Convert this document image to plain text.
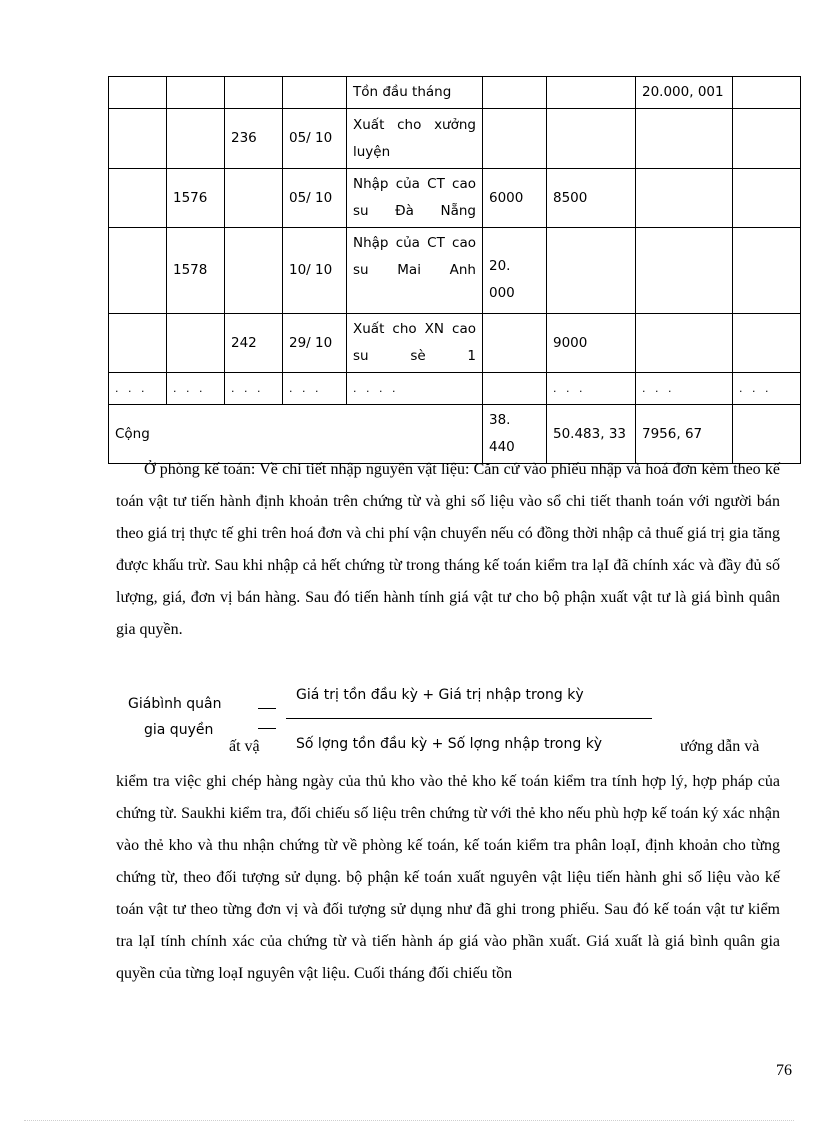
				Tồn đầu tháng			20.000, 001	
		236	05/ 10	Xuất cho xưởng luyện				
	1576		05/ 10	Nhập của CT cao su Đà Nẵng	6000	8500		
	1578		10/ 10	Nhập của CT cao su Mai Anh	20. 000			
		242	29/ 10	Xuất cho XN cao su sè 1		9000		
. . .	. . .	. . .	. . .	. . . .		. . .	. . .	. . .
Cộng					38. 440	50.483, 33	7956, 67	

Ở phòng kế toán: Về chi tiết nhập nguyên vật liệu: Căn cứ vào phiếu nhập và hoá đơn kèm theo kế toán vật tư tiến hành định khoản trên chứng từ và ghi số liệu vào sổ chi tiết thanh toán với người bán theo giá trị thực tế ghi trên hoá đơn và chi phí vận chuyển nếu có đồng thời nhập cả thuế giá trị gia tăng được khấu trừ. Sau khi nhập cả hết chứng từ trong tháng kế toán kiểm tra lạI đã chính xác và đầy đủ số lượng, giá, đơn vị bán hàng. Sau đó tiến hành tính giá vật tư cho bộ phận xuất vật tư là giá bình quân gia quyền.

Giábình quân
gia quyền
Giá trị tồn đầu kỳ + Giá trị nhập trong kỳ
ất vậ	Số lợng tồn đầu kỳ + Số lợng nhập trong kỳ	ướng dẫn và

kiểm tra việc ghi chép hàng ngày của thủ kho vào thẻ kho kế toán kiểm tra tính hợp lý, hợp pháp của chứng từ. Saukhi kiểm tra, đối chiếu số liệu trên chứng từ với thẻ kho nếu phù hợp kế toán ký xác nhận vào thẻ kho và thu nhận chứng từ về phòng kế toán, kế toán kiểm tra phân loạI, định khoản cho từng chứng từ, theo đối tượng sử dụng. bộ phận kế toán xuất nguyên vật liệu tiến hành ghi số liệu vào kế toán vật tư theo từng đơn vị và đối tượng sử dụng như đã ghi trong phiếu. Sau đó kế toán vật tư kiểm tra lạI tính chính xác của chứng từ và tiến hành áp giá vào phần xuất. Giá xuất là giá bình quân gia quyền của từng loạI nguyên vật liệu. Cuối tháng đối chiếu tồn

76
